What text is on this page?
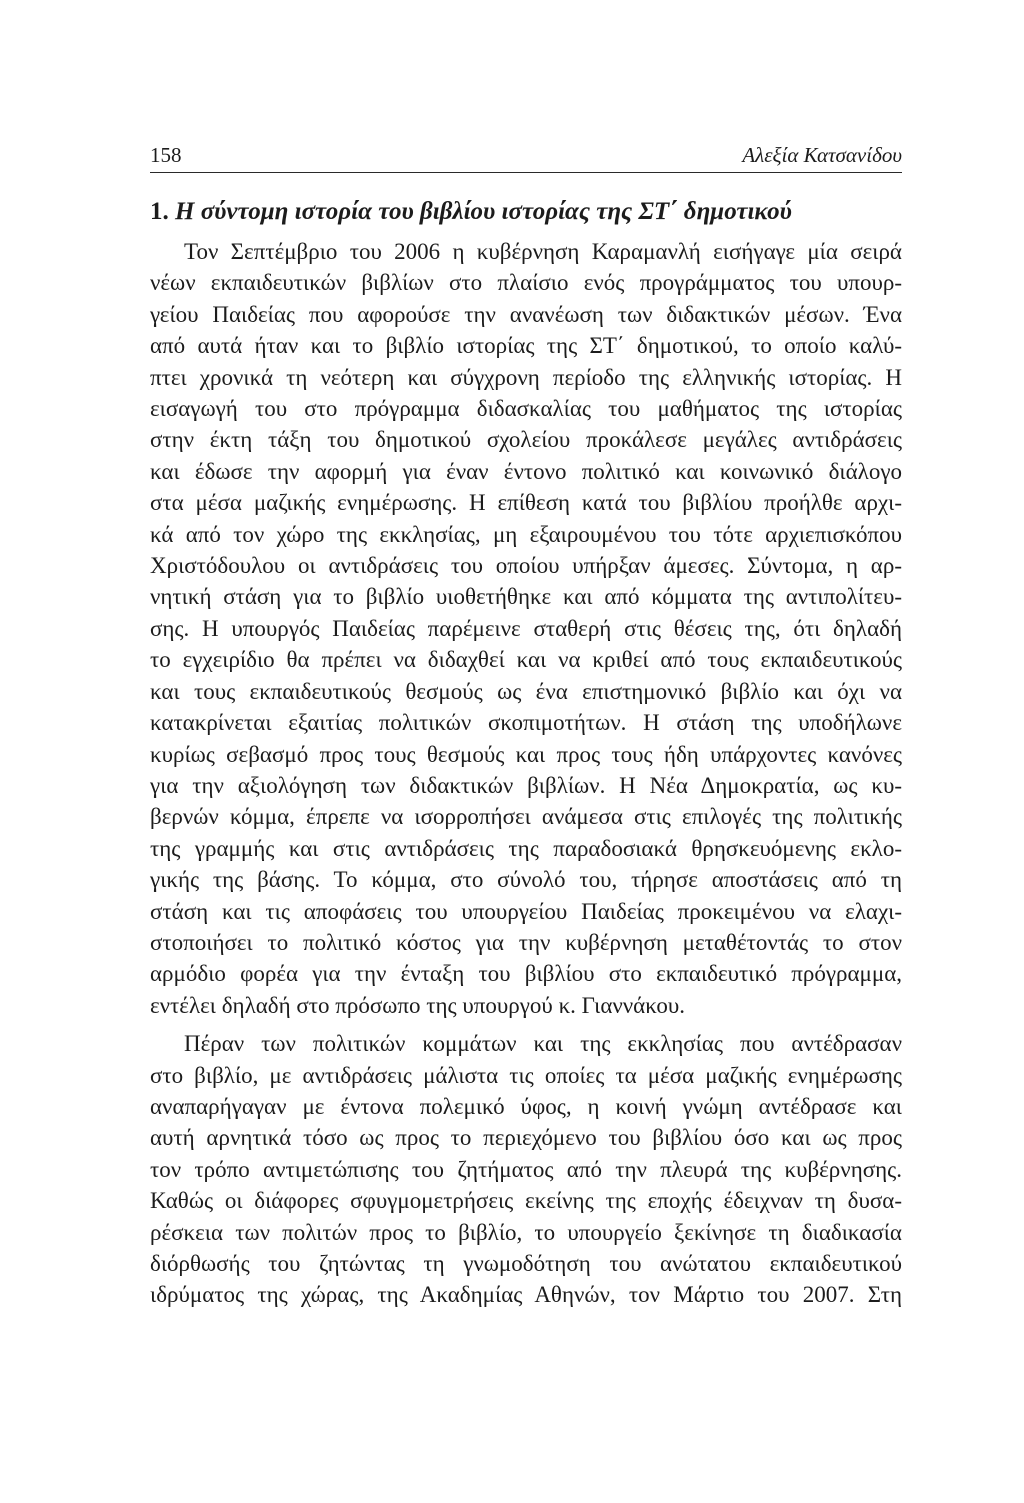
158	Αλεξία Κατσανίδου
1. Η σύντομη ιστορία του βιβλίου ιστορίας της ΣΤ΄ δημοτικού
Τον Σεπτέμβριο του 2006 η κυβέρνηση Καραμανλή εισήγαγε μία σειρά
νέων εκπαιδευτικών βιβλίων στο πλαίσιο ενός προγράμματος του υπουρ-
γείου Παιδείας που αφορούσε την ανανέωση των διδακτικών μέσων. Ένα
από αυτά ήταν και το βιβλίο ιστορίας της ΣΤ΄ δημοτικού, το οποίο καλύ-
πτει χρονικά τη νεότερη και σύγχρονη περίοδο της ελληνικής ιστορίας. Η
εισαγωγή του στο πρόγραμμα διδασκαλίας του μαθήματος της ιστορίας
στην έκτη τάξη του δημοτικού σχολείου προκάλεσε μεγάλες αντιδράσεις
και έδωσε την αφορμή για έναν έντονο πολιτικό και κοινωνικό διάλογο
στα μέσα μαζικής ενημέρωσης. Η επίθεση κατά του βιβλίου προήλθε αρχι-
κά από τον χώρο της εκκλησίας, μη εξαιρουμένου του τότε αρχιεπισκόπου
Χριστόδουλου οι αντιδράσεις του οποίου υπήρξαν άμεσες. Σύντομα, η αρ-
νητική στάση για το βιβλίο υιοθετήθηκε και από κόμματα της αντιπολίτευ-
σης. Η υπουργός Παιδείας παρέμεινε σταθερή στις θέσεις της, ότι δηλαδή
το εγχειρίδιο θα πρέπει να διδαχθεί και να κριθεί από τους εκπαιδευτικούς
και τους εκπαιδευτικούς θεσμούς ως ένα επιστημονικό βιβλίο και όχι να
κατακρίνεται εξαιτίας πολιτικών σκοπιμοτήτων. Η στάση της υποδήλωνε
κυρίως σεβασμό προς τους θεσμούς και προς τους ήδη υπάρχοντες κανόνες
για την αξιολόγηση των διδακτικών βιβλίων. Η Νέα Δημοκρατία, ως κυ-
βερνών κόμμα, έπρεπε να ισορροπήσει ανάμεσα στις επιλογές της πολιτικής
της γραμμής και στις αντιδράσεις της παραδοσιακά θρησκευόμενης εκλο-
γικής της βάσης. Το κόμμα, στο σύνολό του, τήρησε αποστάσεις από τη
στάση και τις αποφάσεις του υπουργείου Παιδείας προκειμένου να ελαχι-
στοποιήσει το πολιτικό κόστος για την κυβέρνηση μεταθέτοντάς το στον
αρμόδιο φορέα για την ένταξη του βιβλίου στο εκπαιδευτικό πρόγραμμα,
εντέλει δηλαδή στο πρόσωπο της υπουργού κ. Γιαννάκου.
Πέραν των πολιτικών κομμάτων και της εκκλησίας που αντέδρασαν
στο βιβλίο, με αντιδράσεις μάλιστα τις οποίες τα μέσα μαζικής ενημέρωσης
αναπαρήγαγαν με έντονα πολεμικό ύφος, η κοινή γνώμη αντέδρασε και
αυτή αρνητικά τόσο ως προς το περιεχόμενο του βιβλίου όσο και ως προς
τον τρόπο αντιμετώπισης του ζητήματος από την πλευρά της κυβέρνησης.
Καθώς οι διάφορες σφυγμομετρήσεις εκείνης της εποχής έδειχναν τη δυσα-
ρέσκεια των πολιτών προς το βιβλίο, το υπουργείο ξεκίνησε τη διαδικασία
διόρθωσής του ζητώντας τη γνωμοδότηση του ανώτατου εκπαιδευτικού
ιδρύματος της χώρας, της Ακαδημίας Αθηνών, τον Μάρτιο του 2007. Στη
